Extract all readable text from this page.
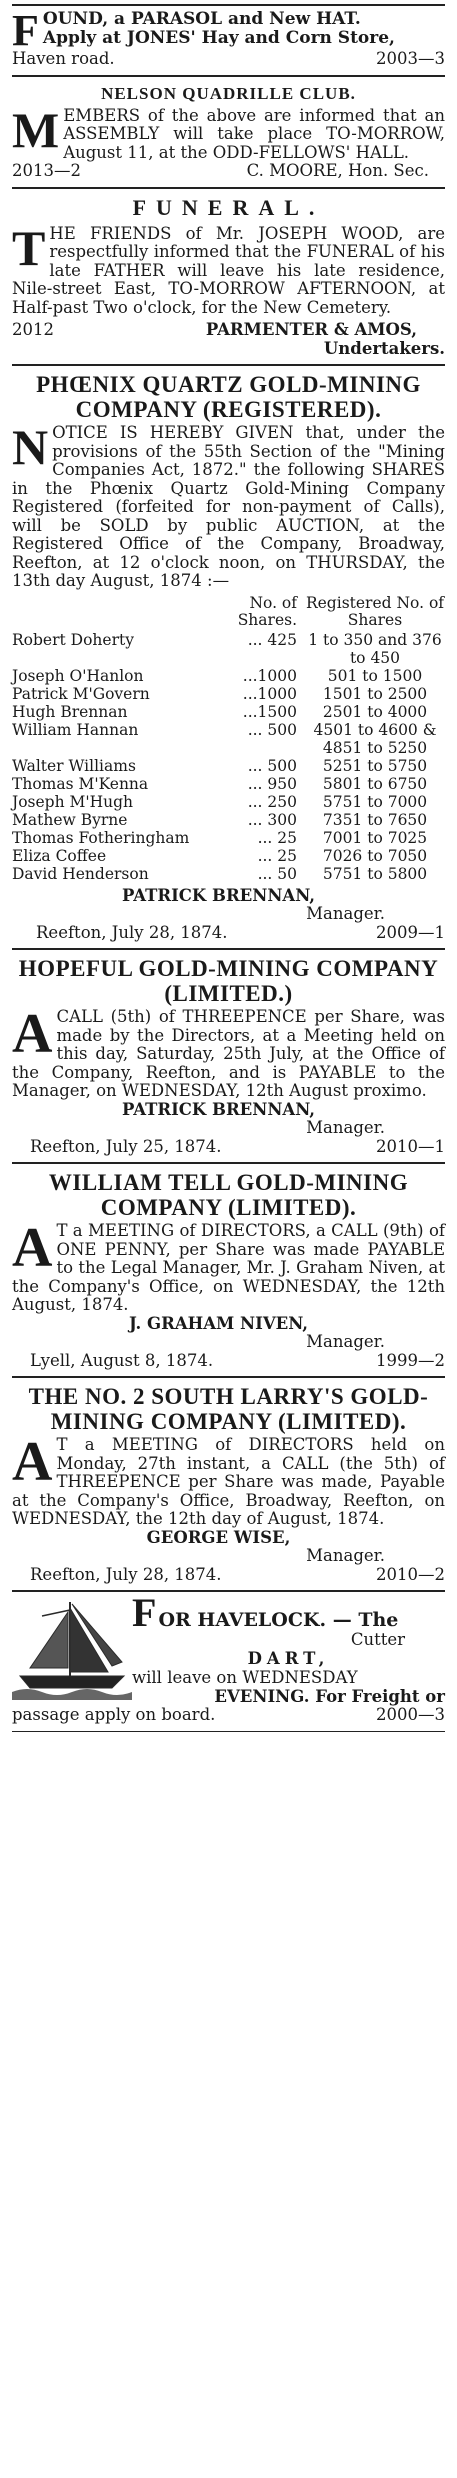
F OUND, a PARASOL and New HAT.

Apply at JONES' Hay and Corn Store,

Haven road.	2003—3
NELSON QUADRILLE CLUB.
M EMBERS of the above are informed that an ASSEMBLY will take place TO-MORROW, August 11, at the ODD-FELLOWS' HALL.

2013—2	C. MOORE, Hon. Sec.
FUNERAL.
T HE FRIENDS of Mr. JOSEPH WOOD, are respectfully informed that the FUNERAL of his late FATHER will leave his late residence, Nile-street East, TO-MORROW AFTERNOON, at Half-past Two o'clock, for the New Cemetery.

2012	PARMENTER & AMOS,
Undertakers.
PHŒNIX QUARTZ GOLD-MINING COMPANY (REGISTERED).
N OTICE IS HEREBY GIVEN that, under the provisions of the 55th Section of the "Mining Companies Act, 1872." the following SHARES in the Phœnix Quartz Gold-Mining Company Registered (forfeited for non-payment of Calls), will be SOLD by public AUCTION, at the Registered Office of the Company, Broadway, Reefton, at 12 o'clock noon, on THURSDAY, the 13th day August, 1874 :—

	No. of Shares.	Registered No. of Shares
Robert Doherty	... 425	1 to 350 and 376
		to 450
Joseph O'Hanlon	...1000	501 to 1500
Patrick M'Govern	...1000	1501 to 2500
Hugh Brennan	...1500	2501 to 4000
William Hannan	... 500	4501 to 4600 &
		4851 to 5250
Walter Williams	... 500	5251 to 5750
Thomas M'Kenna	... 950	5801 to 6750
Joseph M'Hugh	... 250	5751 to 7000
Mathew Byrne	... 300	7351 to 7650
Thomas Fotheringham	... 25	7001 to 7025
Eliza Coffee	... 25	7026 to 7050
David Henderson	... 50	5751 to 5800
PATRICK BRENNAN,
Manager.
Reefton, July 28, 1874.	2009—1
HOPEFUL GOLD-MINING COMPANY (LIMITED.)
A CALL (5th) of THREEPENCE per Share, was made by the Directors, at a Meeting held on this day, Saturday, 25th July, at the Office of the Company, Reefton, and is PAYABLE to the Manager, on WEDNESDAY, 12th August proximo.

PATRICK BRENNAN,
Manager.
Reefton, July 25, 1874.	2010—1
WILLIAM TELL GOLD-MINING COMPANY (LIMITED).
A T a MEETING of DIRECTORS, a CALL (9th) of ONE PENNY, per Share was made PAYABLE to the Legal Manager, Mr. J. Graham Niven, at the Company's Office, on WEDNESDAY, the 12th August, 1874.

J. GRAHAM NIVEN,
Manager.
Lyell, August 8, 1874.	1999—2
THE NO. 2 SOUTH LARRY'S GOLD-MINING COMPANY (LIMITED).
A T a MEETING of DIRECTORS held on Monday, 27th instant, a CALL (the 5th) of THREEPENCE per Share was made, Payable at the Company's Office, Broadway, Reefton, on WEDNESDAY, the 12th day of August, 1874.

GEORGE WISE,
Manager.
Reefton, July 28, 1874.	2010—2
FOR HAVELOCK. — The
Cutter
DART,
will leave on WEDNESDAY
EVENING. For Freight or
passage apply on board.	2000—3
